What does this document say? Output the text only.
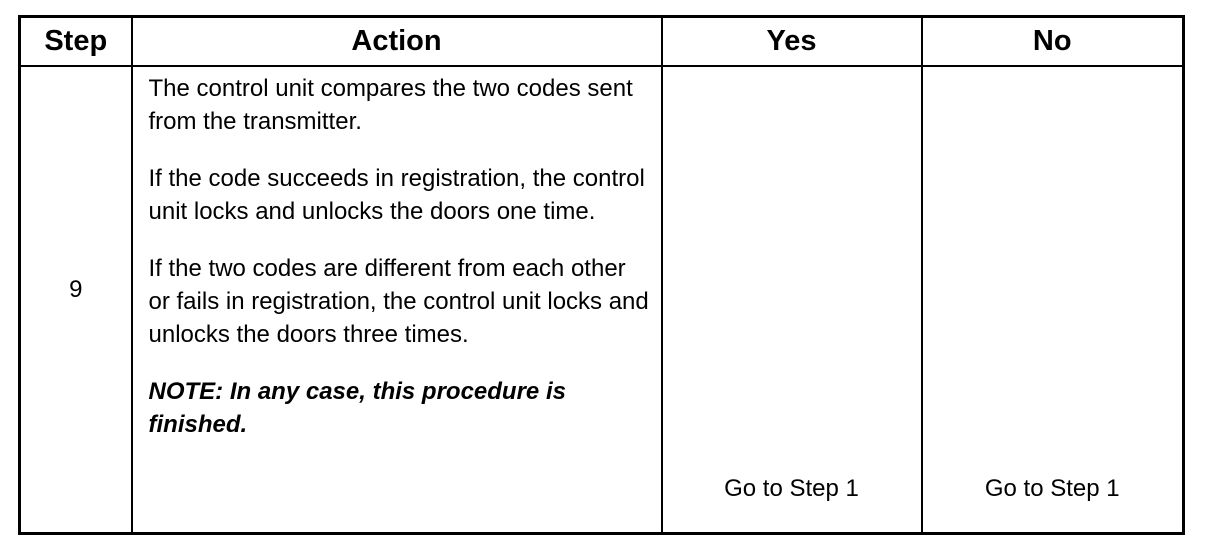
Step	Action	Yes	No
9	The control unit compares the two codes sent from the transmitter.

If the code succeeds in registration, the control unit locks and unlocks the doors one time.

If the two codes are different from each other or fails in registration, the control unit locks and unlocks the doors three times.

NOTE: In any case, this procedure is finished.	Go to Step 1	Go to Step 1
